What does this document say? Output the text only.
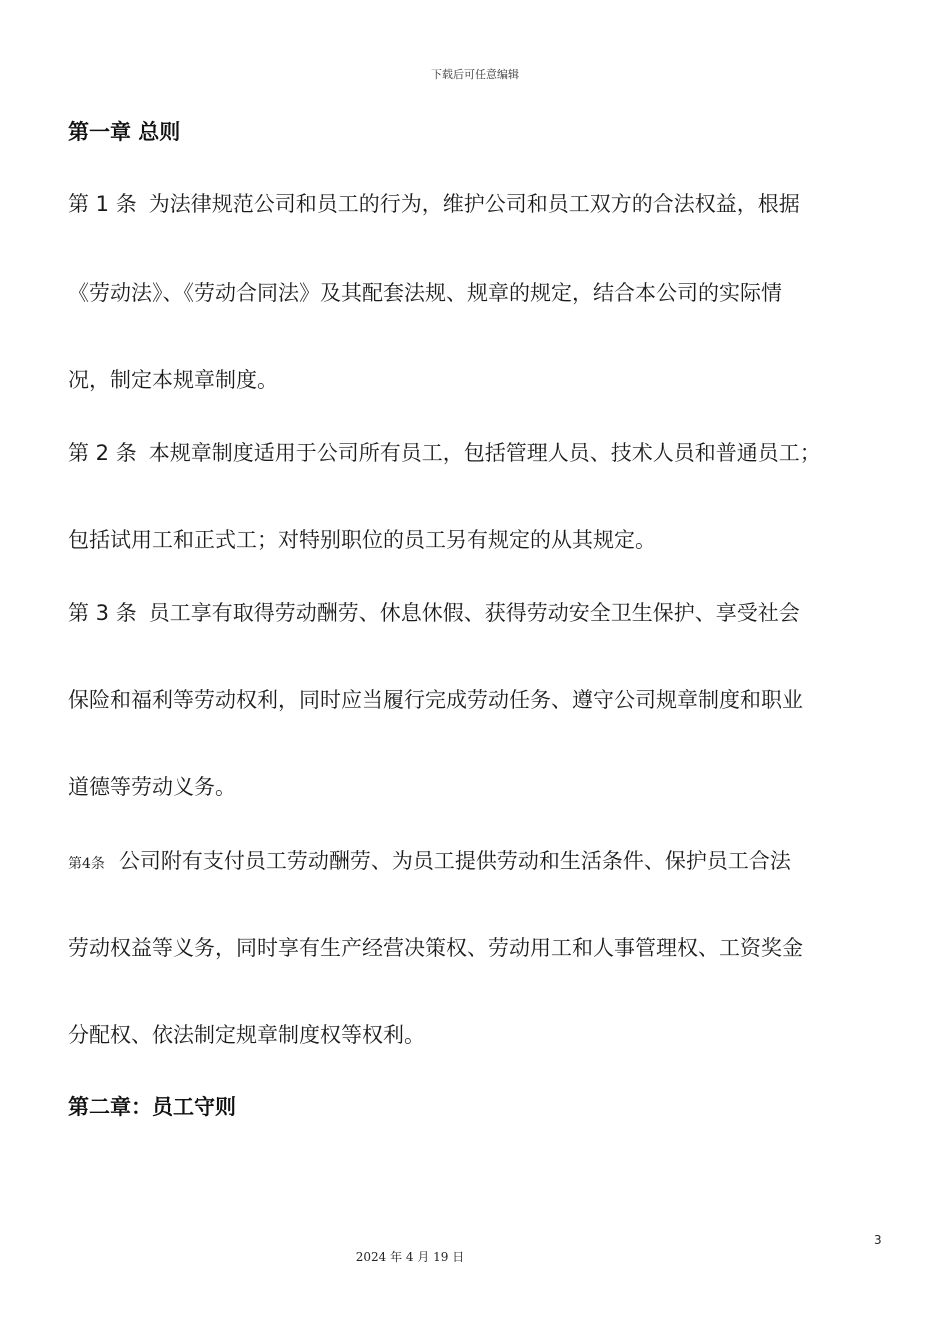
下载后可任意编辑
第一章 总则
第 1 条 为法律规范公司和员工的行为，维护公司和员工双方的合法权益，根据
《劳动法》、《劳动合同法》及其配套法规、规章的规定，结合本公司的实际情
况，制定本规章制度。
第 2 条 本规章制度适用于公司所有员工，包括管理人员、技术人员和普通员工；
包括试用工和正式工；对特别职位的员工另有规定的从其规定。
第 3 条 员工享有取得劳动酬劳、休息休假、获得劳动安全卫生保护、享受社会
保险和福利等劳动权利，同时应当履行完成劳动任务、遵守公司规章制度和职业
道德等劳动义务。
第4条 公司附有支付员工劳动酬劳、为员工提供劳动和生活条件、保护员工合法
劳动权益等义务，同时享有生产经营决策权、劳动用工和人事管理权、工资奖金
分配权、依法制定规章制度权等权利。
第二章：员工守则
3
2024 年 4 月 19 日
